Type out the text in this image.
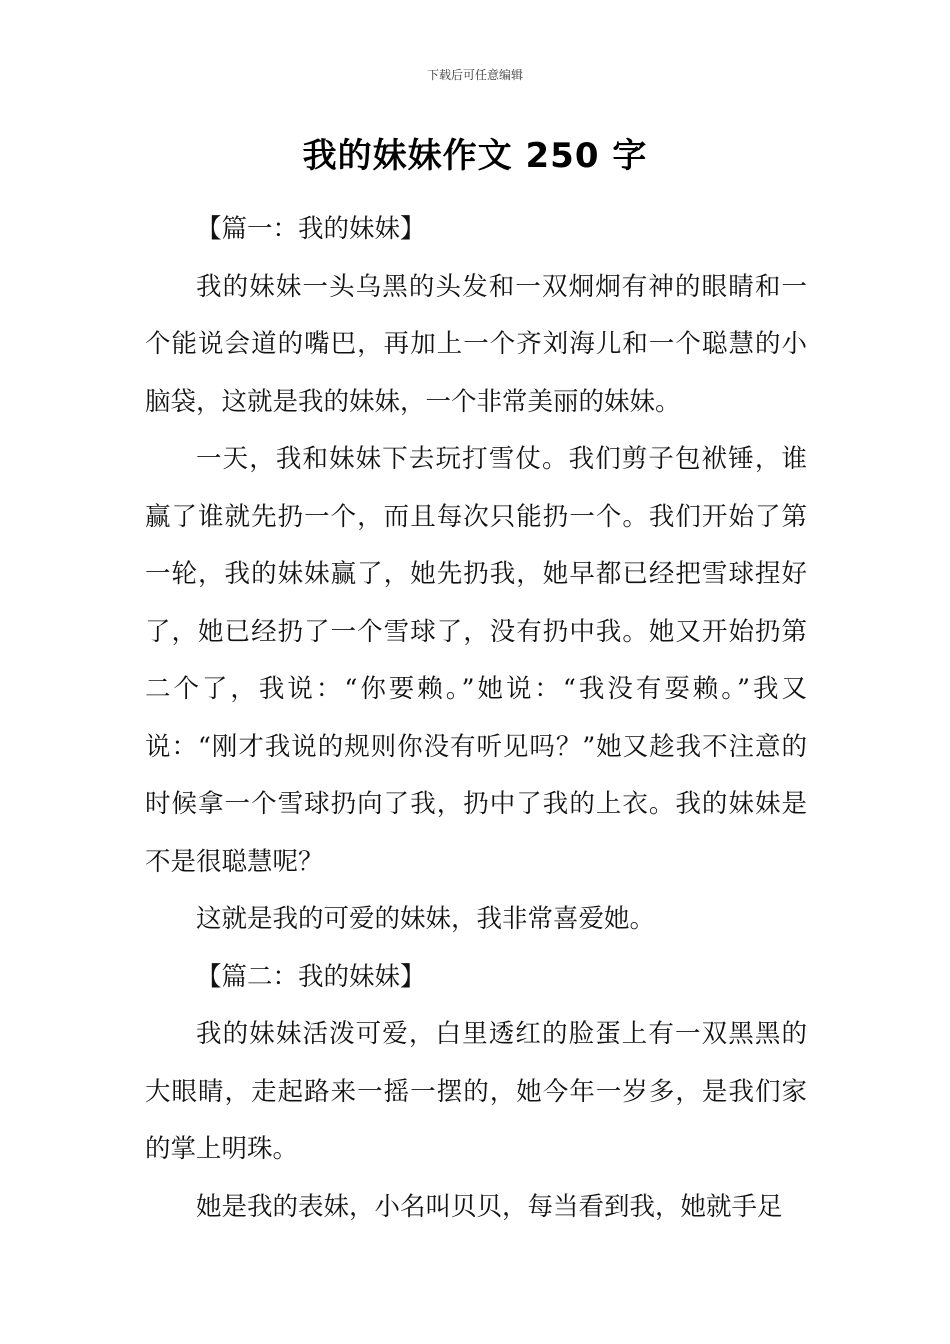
下载后可任意编辑
我的妹妹作文 250 字

【篇一：我的妹妹】

我的妹妹一头乌黑的头发和一双炯炯有神的眼睛和一个能说会道的嘴巴，再加上一个齐刘海儿和一个聪慧的小脑袋，这就是我的妹妹，一个非常美丽的妹妹。

一天，我和妹妹下去玩打雪仗。我们剪子包袱锤，谁赢了谁就先扔一个，而且每次只能扔一个。我们开始了第一轮，我的妹妹赢了，她先扔我，她早都已经把雪球捏好了，她已经扔了一个雪球了，没有扔中我。她又开始扔第二个了，我说：“你要赖。”她说：“我没有耍赖。”我又说：“刚才我说的规则你没有听见吗？”她又趁我不注意的时候拿一个雪球扔向了我，扔中了我的上衣。我的妹妹是不是很聪慧呢？

这就是我的可爱的妹妹，我非常喜爱她。

【篇二：我的妹妹】

我的妹妹活泼可爱，白里透红的脸蛋上有一双黑黑的大眼睛，走起路来一摇一摆的，她今年一岁多，是我们家的掌上明珠。

她是我的表妹，小名叫贝贝，每当看到我，她就手足
